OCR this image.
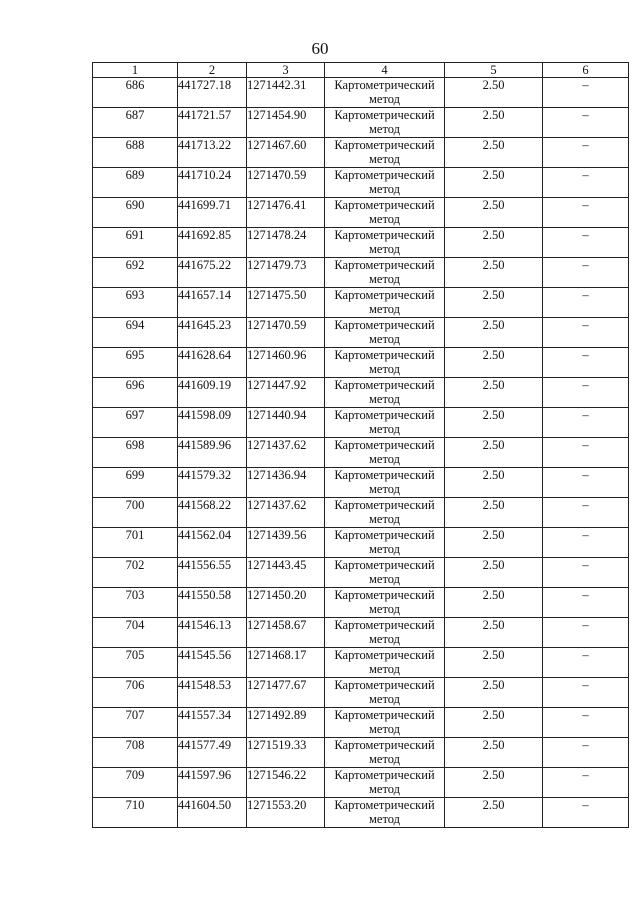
60
1	2	3	4	5	6
686	441727.18	1271442.31	Картометрический метод	2.50	–
687	441721.57	1271454.90	Картометрический метод	2.50	–
688	441713.22	1271467.60	Картометрический метод	2.50	–
689	441710.24	1271470.59	Картометрический метод	2.50	–
690	441699.71	1271476.41	Картометрический метод	2.50	–
691	441692.85	1271478.24	Картометрический метод	2.50	–
692	441675.22	1271479.73	Картометрический метод	2.50	–
693	441657.14	1271475.50	Картометрический метод	2.50	–
694	441645.23	1271470.59	Картометрический метод	2.50	–
695	441628.64	1271460.96	Картометрический метод	2.50	–
696	441609.19	1271447.92	Картометрический метод	2.50	–
697	441598.09	1271440.94	Картометрический метод	2.50	–
698	441589.96	1271437.62	Картометрический метод	2.50	–
699	441579.32	1271436.94	Картометрический метод	2.50	–
700	441568.22	1271437.62	Картометрический метод	2.50	–
701	441562.04	1271439.56	Картометрический метод	2.50	–
702	441556.55	1271443.45	Картометрический метод	2.50	–
703	441550.58	1271450.20	Картометрический метод	2.50	–
704	441546.13	1271458.67	Картометрический метод	2.50	–
705	441545.56	1271468.17	Картометрический метод	2.50	–
706	441548.53	1271477.67	Картометрический метод	2.50	–
707	441557.34	1271492.89	Картометрический метод	2.50	–
708	441577.49	1271519.33	Картометрический метод	2.50	–
709	441597.96	1271546.22	Картометрический метод	2.50	–
710	441604.50	1271553.20	Картометрический метод	2.50	–
